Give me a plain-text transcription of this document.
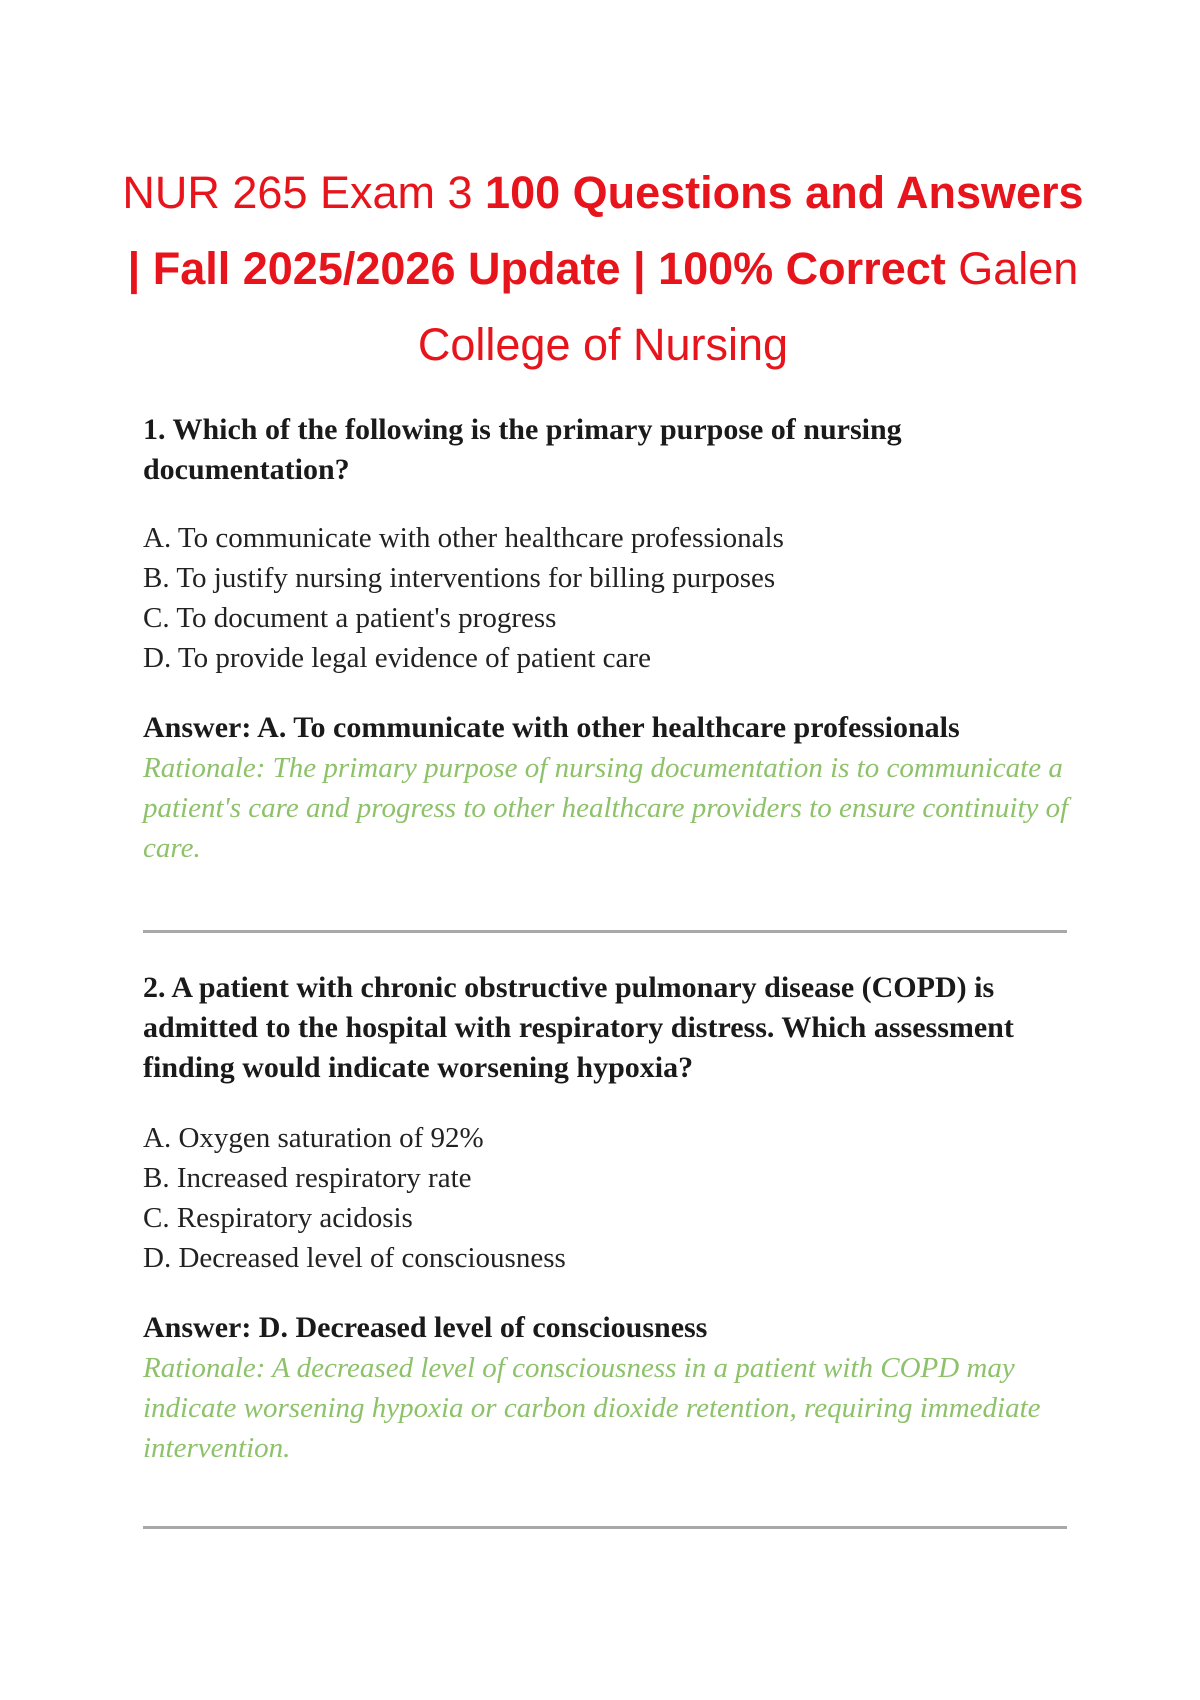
NUR 265 Exam 3 100 Questions and Answers | Fall 2025/2026 Update | 100% Correct Galen College of Nursing

1. Which of the following is the primary purpose of nursing documentation?

A. To communicate with other healthcare professionals
B. To justify nursing interventions for billing purposes
C. To document a patient's progress
D. To provide legal evidence of patient care

Answer: A. To communicate with other healthcare professionals

Rationale: The primary purpose of nursing documentation is to communicate a patient's care and progress to other healthcare providers to ensure continuity of care.

2. A patient with chronic obstructive pulmonary disease (COPD) is admitted to the hospital with respiratory distress. Which assessment finding would indicate worsening hypoxia?

A. Oxygen saturation of 92%
B. Increased respiratory rate
C. Respiratory acidosis
D. Decreased level of consciousness

Answer: D. Decreased level of consciousness

Rationale: A decreased level of consciousness in a patient with COPD may indicate worsening hypoxia or carbon dioxide retention, requiring immediate intervention.
